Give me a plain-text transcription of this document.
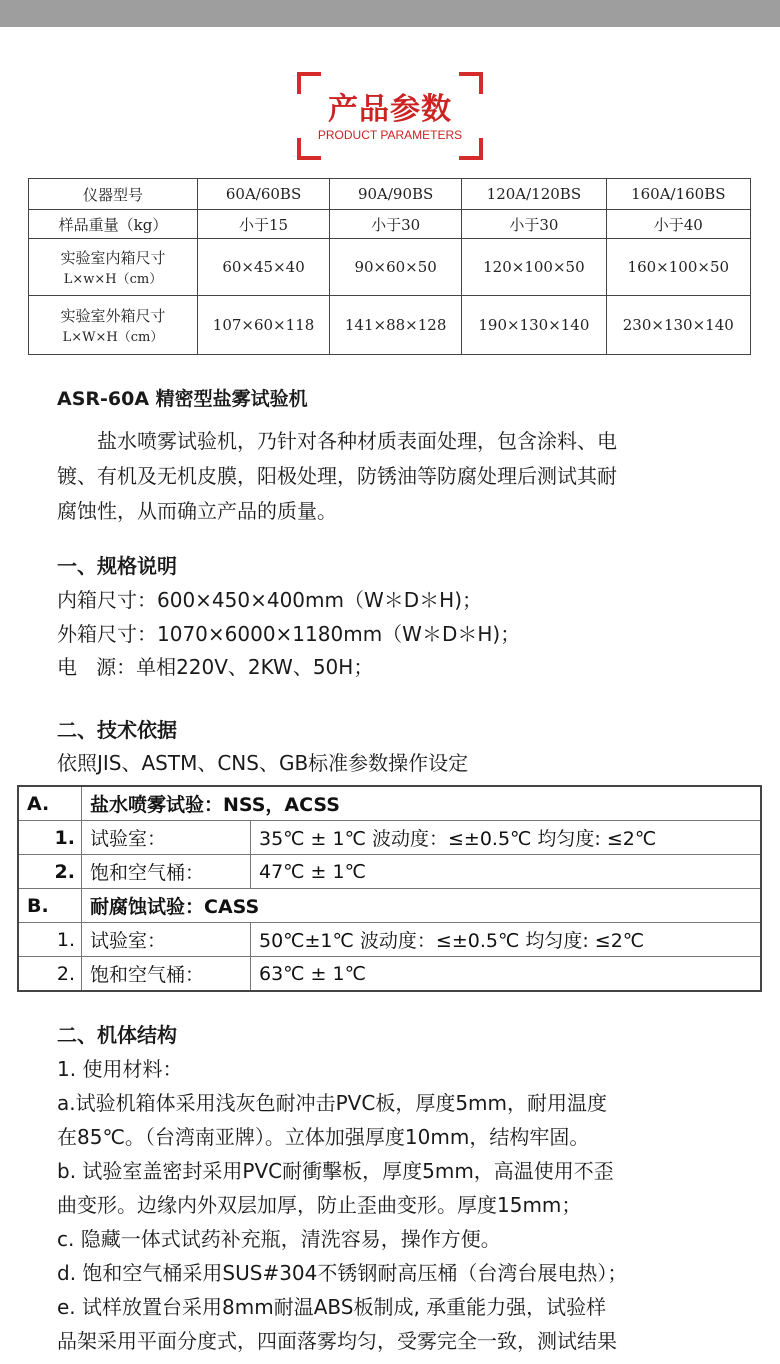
产品参数
PRODUCT PARAMETERS
仪器型号	60A/60BS	90A/90BS	120A/120BS	160A/160BS
样品重量（kg）	小于15	小于30	小于30	小于40

实验室内箱尺寸
L×w×H（cm）	60×45×40	90×60×50	120×100×50	160×100×50

实验室外箱尺寸
L×W×H（cm）	107×60×118	141×88×128	190×130×140	230×130×140
ASR-60A 精密型盐雾试验机
　　盐水喷雾试验机，乃针对各种材质表面处理，包含涂料、电
镀、有机及无机皮膜，阳极处理，防锈油等防腐处理后测试其耐
腐蚀性，从而确立产品的质量。
一、规格说明
内箱尺寸：600×450×400mm（W＊D＊H)；
外箱尺寸：1070×6000×1180mm（W＊D＊H)；
电   源：单相220V、2KW、50H；
二、技术依据
依照JIS、ASTM、CNS、GB标准参数操作设定
A.	盐水喷雾试验：NSS，ACSS	
1.	试验室：	35℃ ± 1℃ 波动度：≤±0.5℃ 均匀度: ≤2℃
2.	饱和空气桶：	47℃ ± 1℃
B.	耐腐蚀试验：CASS	
1.	试验室：	50℃±1℃ 波动度：≤±0.5℃ 均匀度: ≤2℃
2.	饱和空气桶：	63℃ ± 1℃
二、机体结构
1. 使用材料：
a.试验机箱体采用浅灰色耐冲击PVC板，厚度5mm，耐用温度
在85℃。（台湾南亚牌）。立体加强厚度10mm，结构牢固。
b. 试验室盖密封采用PVC耐衝擊板，厚度5mm，高温使用不歪
曲变形。边缘内外双层加厚，防止歪曲变形。厚度15mm；
c. 隐藏一体式试药补充瓶，清洗容易，操作方便。
d. 饱和空气桶采用SUS#304不锈钢耐高压桶（台湾台展电热）；
e. 试样放置台采用8mm耐温ABS板制成, 承重能力强，试验样
品架采用平面分度式，四面落雾均匀，受雾完全一致，测试结果
